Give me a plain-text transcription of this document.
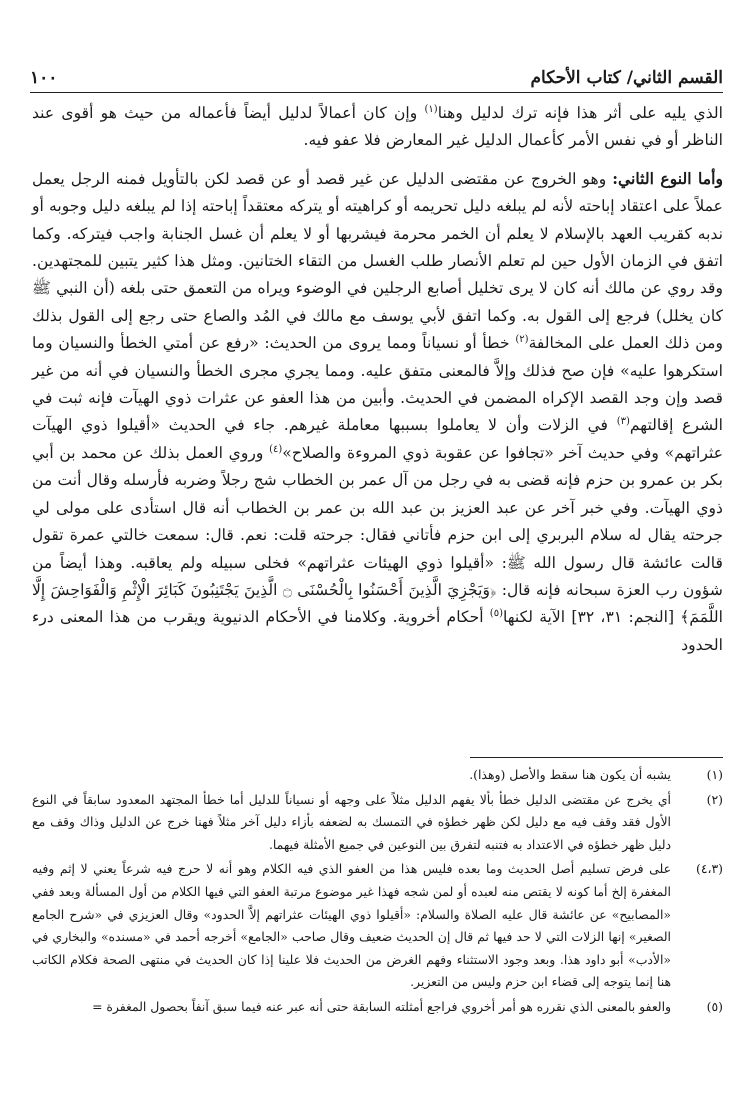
القسم الثاني/ كتاب الأحكام
١٠٠

الذي يليه على أثر هذا فإنه ترك لدليل وهنا$^{(١)}$ وإن كان أعمالاً لدليل أيضاً فأعماله من حيث هو أقوى عند الناظر أو في نفس الأمر كأعمال الدليل غير المعارض فلا عفو فيه.

وأما النوع الثاني: وهو الخروج عن مقتضى الدليل عن غير قصد أو عن قصد لكن بالتأويل فمنه الرجل يعمل عملاً على اعتقاد إباحته لأنه لم يبلغه دليل تحريمه أو كراهيته أو يتركه معتقداً إباحته إذا لم يبلغه دليل وجوبه أو ندبه كقريب العهد بالإسلام لا يعلم أن الخمر محرمة فيشربها أو لا يعلم أن غسل الجنابة واجب فيتركه. وكما اتفق في الزمان الأول حين لم تعلم الأنصار طلب الغسل من التقاء الختانين. ومثل هذا كثير يتبين للمجتهدين. وقد روي عن مالك أنه كان لا يرى تخليل أصابع الرجلين في الوضوء ويراه من التعمق حتى بلغه (أن النبي ﷺ كان يخلل) فرجع إلى القول به. وكما اتفق لأبي يوسف مع مالك في المُد والصاع حتى رجع إلى القول بذلك ومن ذلك العمل على المخالفة$^{(٢)}$ خطأ أو نسياناً ومما يروى من الحديث: «رفع عن أمتي الخطأ والنسيان وما استكرهوا عليه» فإن صح فذلك وإلاَّ فالمعنى متفق عليه. ومما يجري مجرى الخطأ والنسيان في أنه من غير قصد وإن وجد القصد الإكراه المضمن في الحديث. وأبين من هذا العفو عن عثرات ذوي الهيآت فإنه ثبت في الشرع إقالتهم$^{(٣)}$ في الزلات وأن لا يعاملوا بسببها معاملة غيرهم. جاء في الحديث «أقيلوا ذوي الهيآت عثراتهم» وفي حديث آخر «تجافوا عن عقوبة ذوي المروءة والصلاح»$^{(٤)}$ وروي العمل بذلك عن محمد بن أبي بكر بن عمرو بن حزم فإنه قضى به في رجل من آل عمر بن الخطاب شج رجلاً وضربه فأرسله وقال أنت من ذوي الهيآت. وفي خبر آخر عن عبد العزيز بن عبد الله بن عمر بن الخطاب أنه قال استأدى على مولى لي جرحته يقال له سلام البربري إلى ابن حزم فأتاني فقال: جرحته قلت: نعم. قال: سمعت خالتي عمرة تقول قالت عائشة قال رسول الله ﷺ: «أقيلوا ذوي الهيئات عثراتهم» فخلى سبيله ولم يعاقبه. وهذا أيضاً من شؤون رب العزة سبحانه فإنه قال: ﴿وَيَجْزِيَ الَّذِينَ أَحْسَنُوا بِالْحُسْنَى ۝ الَّذِينَ يَجْتَنِبُونَ كَبَائِرَ الْإِثْمِ وَالْفَوَاحِشَ إِلَّا اللَّمَمَ﴾ [النجم: ٣١، ٣٢] الآية لكنها$^{(٥)}$ أحكام أخروية. وكلامنا في الأحكام الدنيوية ويقرب من هذا المعنى درء الحدود

(١)
يشبه أن يكون هنا سقط والأصل (وهذا).
(٢)
أي يخرج عن مقتضى الدليل خطأ بألا يفهم الدليل مثلاً على وجهه أو نسياناً للدليل أما خطأ المجتهد المعدود سابقاً في النوع الأول فقد وقف فيه مع دليل لكن ظهر خطؤه في التمسك به لضعفه بأزاء دليل آخر مثلاً فهنا خرج عن الدليل وذاك وقف مع دليل ظهر خطؤه في الاعتداد به فتنبه لتفرق بين النوعين في جميع الأمثلة فيهما.
(٤،٣)
على فرض تسليم أصل الحديث وما بعده فليس هذا من العفو الذي فيه الكلام وهو أنه لا حرج فيه شرعاً يعني لا إثم وفيه المغفرة إلخ أما كونه لا يقتص منه لعبده أو لمن شجه فهذا غير موضوع مرتبة العفو التي فيها الكلام من أول المسألة وبعد ففي «المصابيح» عن عائشة قال عليه الصلاة والسلام: «أقيلوا ذوي الهيئات عثراتهم إلاَّ الحدود» وقال العزيزي في «شرح الجامع الصغير» إنها الزلات التي لا حد فيها ثم قال إن الحديث ضعيف وقال صاحب «الجامع» أخرجه أحمد في «مسنده» والبخاري في «الأدب» أبو داود هذا. وبعد وجود الاستثناء وفهم الغرض من الحديث فلا علينا إذا كان الحديث في منتهى الصحة فكلام الكاتب هنا إنما يتوجه إلى قضاء ابن حزم وليس من التعزير.
(٥)
والعفو بالمعنى الذي نقرره هو أمر أخروي فراجع أمثلته السابقة حتى أنه عبر عنه فيما سبق آنفاً بحصول المغفرة =
